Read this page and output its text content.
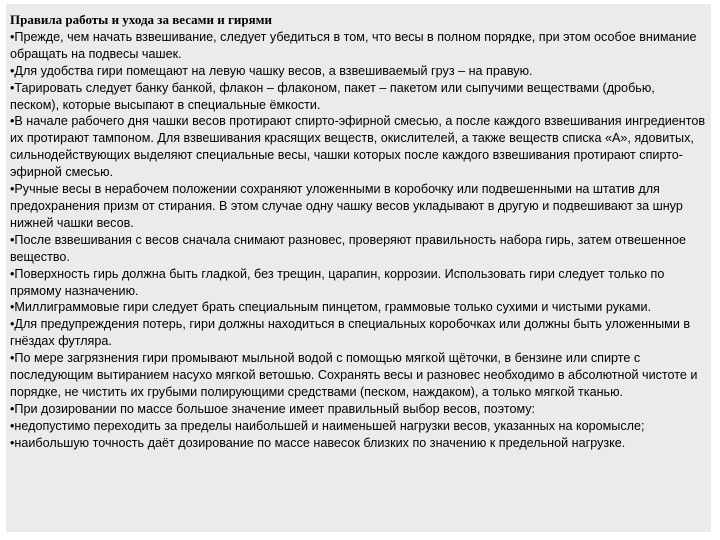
Правила работы и ухода за весами и гирями
•Прежде, чем начать взвешивание, следует убедиться в том, что весы в полном порядке, при этом особое внимание обращать на подвесы чашек.
•Для удобства гири помещают на левую чашку весов, а взвешиваемый груз – на правую.
•Тарировать следует банку банкой, флакон – флаконом, пакет – пакетом или сыпучими веществами (дробью, песком), которые высыпают в специальные ёмкости.
•В начале рабочего дня чашки весов протирают спирто-эфирной смесью, а после каждого взвешивания ингредиентов их протирают тампоном. Для взвешивания красящих веществ, окислителей, а также веществ списка «А», ядовитых, сильнодействующих выделяют специальные весы, чашки которых после каждого взвешивания протирают спирто-эфирной смесью.
•Ручные весы в нерабочем положении сохраняют уложенными в коробочку или подвешенными на штатив для предохранения призм от стирания. В этом случае одну чашку весов укладывают в другую и подвешивают за шнур нижней чашки весов.
•После взвешивания с весов сначала снимают разновес, проверяют правильность набора гирь, затем отвешенное вещество.
•Поверхность гирь должна быть гладкой, без трещин, царапин, коррозии. Использовать гири следует только по прямому назначению.
•Миллиграммовые гири следует брать специальным пинцетом, граммовые только сухими и чистыми руками.
•Для предупреждения потерь, гири должны находиться в специальных коробочках или должны быть уложенными в гнёздах футляра.
•По мере загрязнения гири промывают мыльной водой с помощью мягкой щёточки, в бензине или спирте с последующим вытиранием насухо мягкой ветошью. Сохранять весы и разновес необходимо в абсолютной чистоте и порядке, не чистить их грубыми полирующими средствами (песком, наждаком), а только мягкой тканью.
•При дозировании по массе большое значение имеет правильный выбор весов, поэтому:
•недопустимо переходить за пределы наибольшей и наименьшей нагрузки весов, указанных на коромысле;
•наибольшую точность даёт дозирование по массе навесок близких по значению к предельной нагрузке.
